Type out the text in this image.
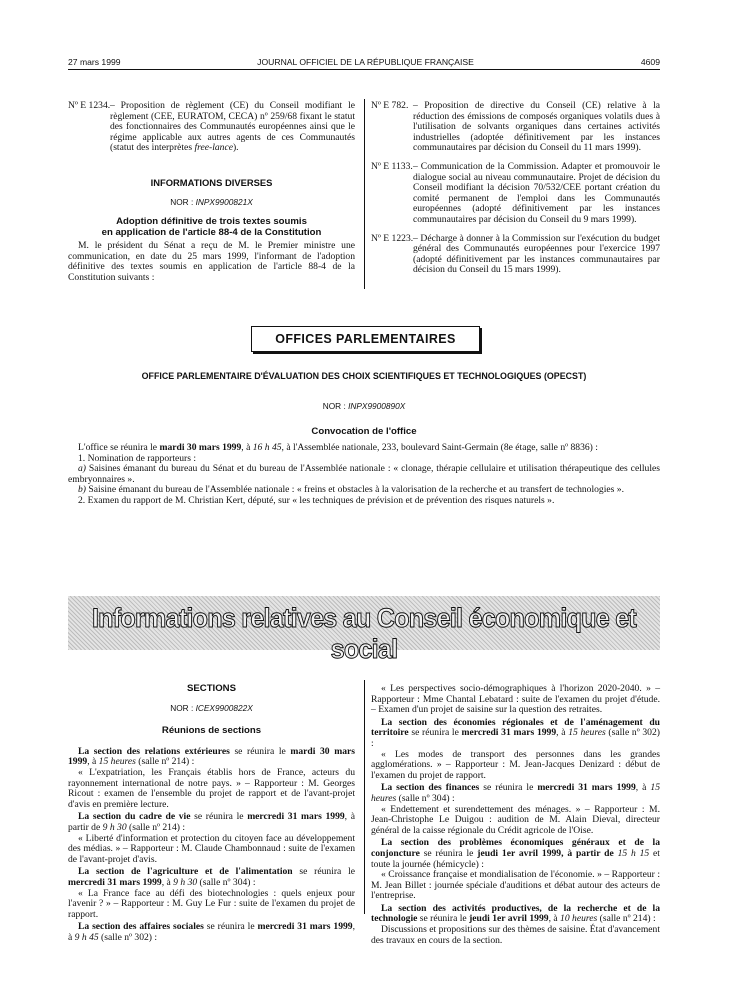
27 mars 1999	JOURNAL OFFICIEL DE LA RÉPUBLIQUE FRANÇAISE	4609
Nº E 1234. – Proposition de règlement (CE) du Conseil modifiant le règlement (CEE, EURATOM, CECA) nº 259/68 fixant le statut des fonctionnaires des Communautés européennes ainsi que le régime applicable aux autres agents de ces Communautés (statut des interprètes free-lance).
INFORMATIONS DIVERSES
NOR : INPX9900821X
Adoption définitive de trois textes soumis
en application de l'article 88-4 de la Constitution

M. le président du Sénat a reçu de M. le Premier ministre une communication, en date du 25 mars 1999, l'informant de l'adoption définitive des textes soumis en application de l'article 88-4 de la Constitution suivants :

Nº E 782. – Proposition de directive du Conseil (CE) relative à la réduction des émissions de composés organiques volatils dues à l'utilisation de solvants organiques dans certaines activités industrielles (adoptée définitivement par les instances communautaires par décision du Conseil du 11 mars 1999).
Nº E 1133. – Communication de la Commission. Adapter et promouvoir le dialogue social au niveau communautaire. Projet de décision du Conseil modifiant la décision 70/532/CEE portant création du comité permanent de l'emploi dans les Communautés européennes (adopté définitivement par les instances communautaires par décision du Conseil du 9 mars 1999).
Nº E 1223. – Décharge à donner à la Commission sur l'exécution du budget général des Communautés européennes pour l'exercice 1997 (adopté définitivement par les instances communautaires par décision du Conseil du 15 mars 1999).
OFFICES PARLEMENTAIRES
OFFICE PARLEMENTAIRE D'ÉVALUATION DES CHOIX SCIENTIFIQUES ET TECHNOLOGIQUES (OPECST)
NOR : INPX9900890X
Convocation de l'office

L'office se réunira le mardi 30 mars 1999, à 16 h 45, à l'Assemblée nationale, 233, boulevard Saint-Germain (8e étage, salle nº 8836) :

1. Nomination de rapporteurs :

a) Saisines émanant du bureau du Sénat et du bureau de l'Assemblée nationale : « clonage, thérapie cellulaire et utilisation thérapeutique des cellules embryonnaires ».

b) Saisine émanant du bureau de l'Assemblée nationale : « freins et obstacles à la valorisation de la recherche et au transfert de technologies ».

2. Examen du rapport de M. Christian Kert, député, sur « les techniques de prévision et de prévention des risques naturels ».

Informations relatives au Conseil économique et social
SECTIONS
NOR : ICEX9900822X
Réunions de sections

La section des relations extérieures se réunira le mardi 30 mars 1999, à 15 heures (salle nº 214) :

« L'expatriation, les Français établis hors de France, acteurs du rayonnement international de notre pays. » – Rapporteur : M. Georges Ricout : examen de l'ensemble du projet de rapport et de l'avant-projet d'avis en première lecture.

La section du cadre de vie se réunira le mercredi 31 mars 1999, à partir de 9 h 30 (salle nº 214) :

« Liberté d'information et protection du citoyen face au développement des médias. » – Rapporteur : M. Claude Chambonnaud : suite de l'examen de l'avant-projet d'avis.

La section de l'agriculture et de l'alimentation se réunira le mercredi 31 mars 1999, à 9 h 30 (salle nº 304) :

« La France face au défi des biotechnologies : quels enjeux pour l'avenir ? » – Rapporteur : M. Guy Le Fur : suite de l'examen du projet de rapport.

La section des affaires sociales se réunira le mercredi 31 mars 1999, à 9 h 45 (salle nº 302) :

« Les perspectives socio-démographiques à l'horizon 2020-2040. » – Rapporteur : Mme Chantal Lebatard : suite de l'examen du projet d'étude. – Examen d'un projet de saisine sur la question des retraites.

La section des économies régionales et de l'aménagement du territoire se réunira le mercredi 31 mars 1999, à 15 heures (salle nº 302) :

« Les modes de transport des personnes dans les grandes agglomérations. » – Rapporteur : M. Jean-Jacques Denizard : début de l'examen du projet de rapport.

La section des finances se réunira le mercredi 31 mars 1999, à 15 heures (salle nº 304) :

« Endettement et surendettement des ménages. » – Rapporteur : M. Jean-Christophe Le Duigou : audition de M. Alain Dieval, directeur général de la caisse régionale du Crédit agricole de l'Oise.

La section des problèmes économiques généraux et de la conjoncture se réunira le jeudi 1er avril 1999, à partir de 15 h 15 et toute la journée (hémicycle) :

« Croissance française et mondialisation de l'économie. » – Rapporteur : M. Jean Billet : journée spéciale d'auditions et débat autour des acteurs de l'entreprise.

La section des activités productives, de la recherche et de la technologie se réunira le jeudi 1er avril 1999, à 10 heures (salle nº 214) :

Discussions et propositions sur des thèmes de saisine. État d'avancement des travaux en cours de la section.
